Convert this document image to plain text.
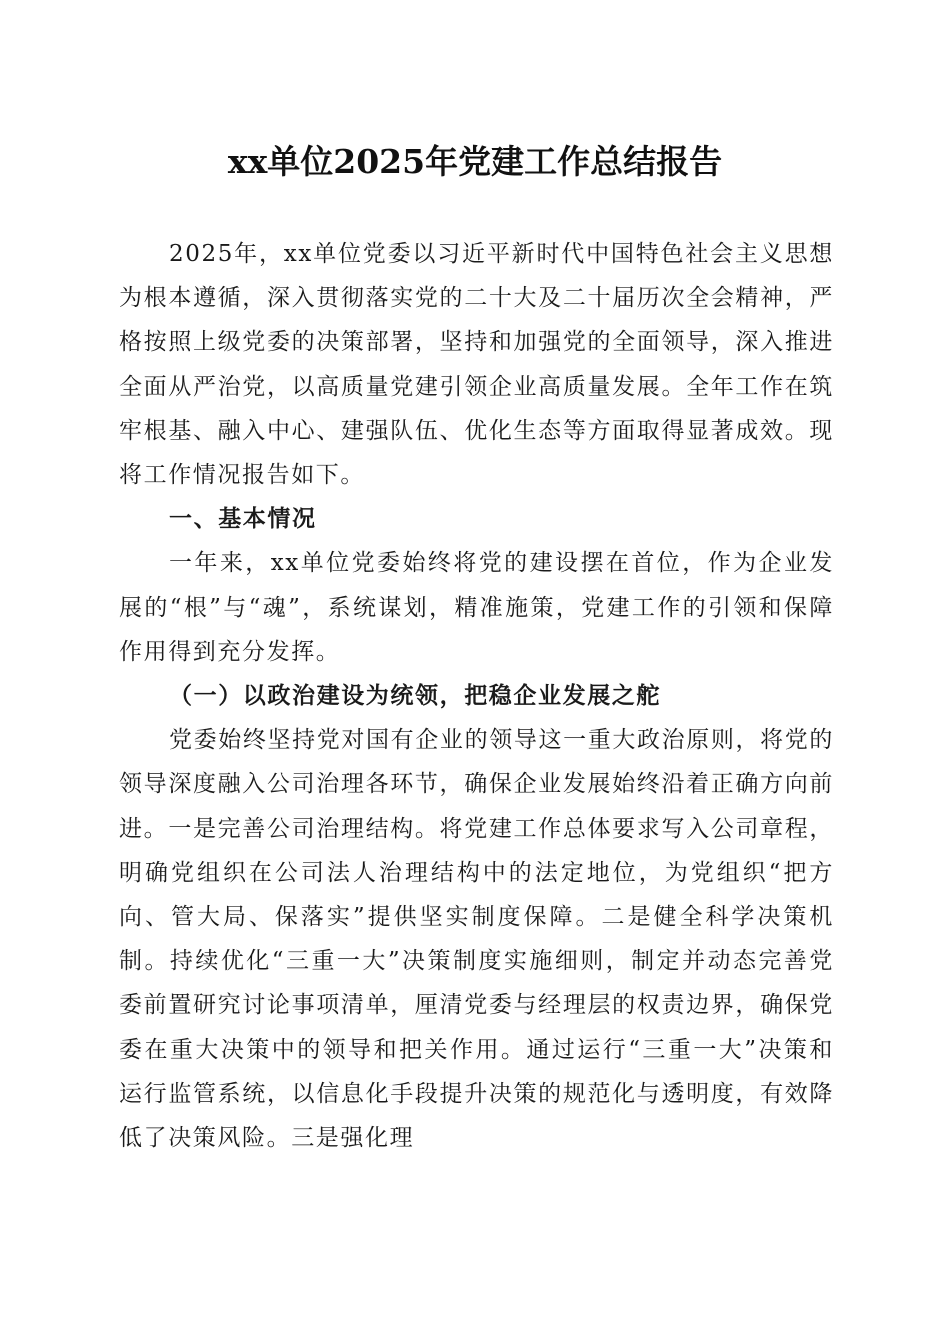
xx单位2025年党建工作总结报告

2025年，xx单位党委以习近平新时代中国特色社会主义思想为根本遵循，深入贯彻落实党的二十大及二十届历次全会精神，严格按照上级党委的决策部署，坚持和加强党的全面领导，深入推进全面从严治党，以高质量党建引领企业高质量发展。全年工作在筑牢根基、融入中心、建强队伍、优化生态等方面取得显著成效。现将工作情况报告如下。

一、基本情况

一年来，xx单位党委始终将党的建设摆在首位，作为企业发展的“根”与“魂”，系统谋划，精准施策，党建工作的引领和保障作用得到充分发挥。

（一）以政治建设为统领，把稳企业发展之舵

党委始终坚持党对国有企业的领导这一重大政治原则，将党的领导深度融入公司治理各环节，确保企业发展始终沿着正确方向前进。一是完善公司治理结构。将党建工作总体要求写入公司章程，明确党组织在公司法人治理结构中的法定地位，为党组织“把方向、管大局、保落实”提供坚实制度保障。二是健全科学决策机制。持续优化“三重一大”决策制度实施细则，制定并动态完善党委前置研究讨论事项清单，厘清党委与经理层的权责边界，确保党委在重大决策中的领导和把关作用。通过运行“三重一大”决策和运行监管系统，以信息化手段提升决策的规范化与透明度，有效降低了决策风险。三是强化理
